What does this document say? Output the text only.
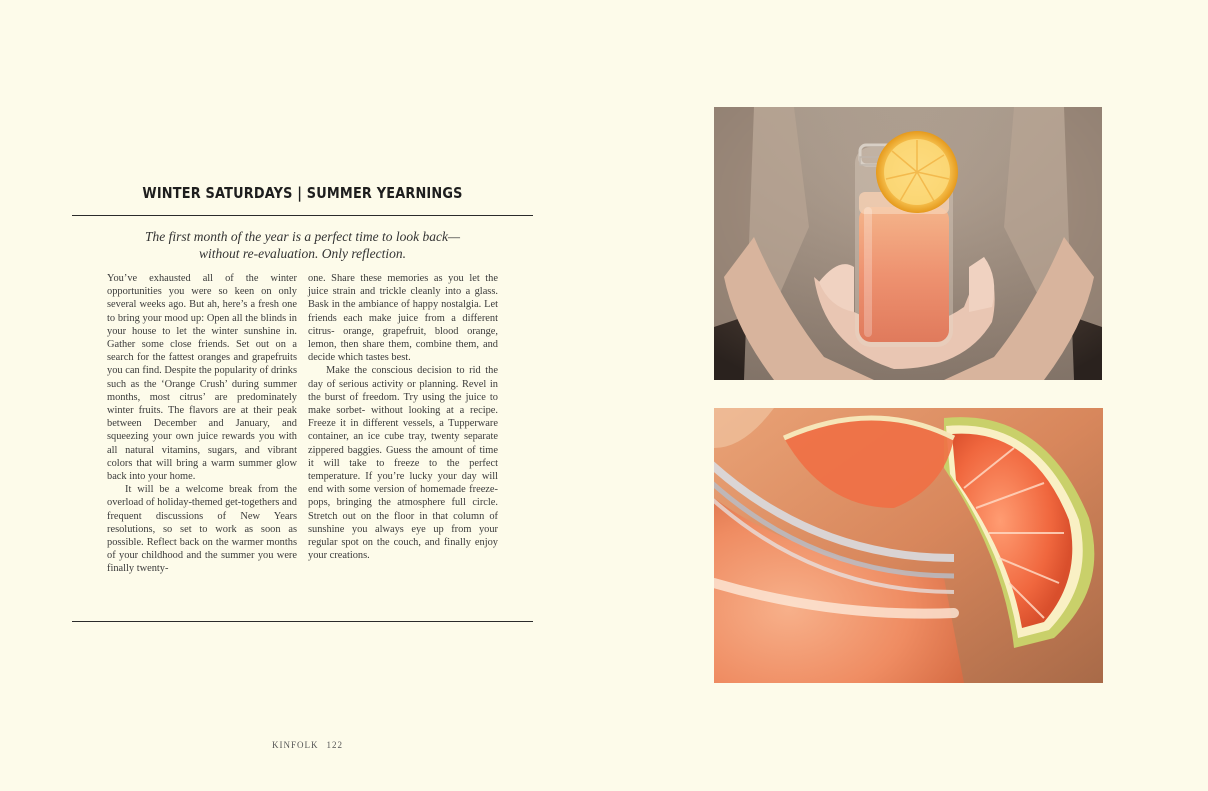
WINTER SATURDAYS | SUMMER YEARNINGS
The first month of the year is a perfect time to look back—
without re-evaluation. Only reflection.

You’ve exhausted all of the winter opportunities you were so keen on only several weeks ago. But ah, here’s a fresh one to bring your mood up: Open all the blinds in your house to let the winter sunshine in. Gather some close friends. Set out on a search for the fattest oranges and grapefruits you can find. Despite the popularity of drinks such as the ‘Orange Crush’ during summer months, most citrus’ are predominately winter fruits. The flavors are at their peak between December and January, and squeezing your own juice rewards you with all natural vitamins, sugars, and vibrant colors that will bring a warm summer glow back into your home.

It will be a welcome break from the overload of holiday-themed get-togethers and frequent discussions of New Years resolutions, so set to work as soon as possible. Reflect back on the warmer months of your childhood and the summer you were finally twenty-

one. Share these memories as you let the juice strain and trickle cleanly into a glass. Bask in the ambiance of happy nostalgia. Let friends each make juice from a different citrus- orange, grapefruit, blood orange, lemon, then share them, combine them, and decide which tastes best.

Make the conscious decision to rid the day of serious activity or planning. Revel in the burst of freedom. Try using the juice to make sorbet- without looking at a recipe. Freeze it in different vessels, a Tupperware container, an ice cube tray, twenty separate zippered baggies. Guess the amount of time it will take to freeze to the perfect temperature. If you’re lucky your day will end with some version of homemade freeze-pops, bringing the atmosphere full circle. Stretch out on the floor in that column of sunshine you always eye up from your regular spot on the couch, and finally enjoy your creations.

KINFOLK 122
